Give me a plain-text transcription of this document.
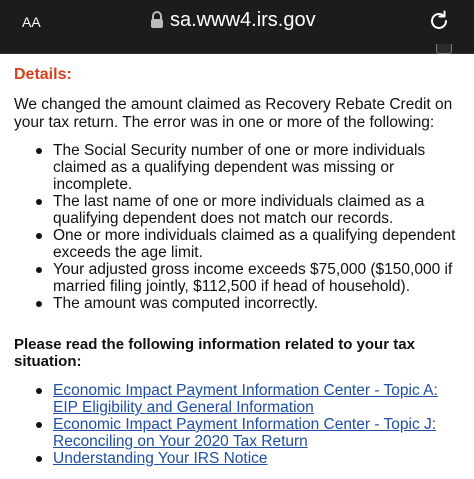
AA	sa.www4.irs.gov
Details:
We changed the amount claimed as Recovery Rebate Credit on your tax return. The error was in one or more of the following:
The Social Security number of one or more individuals claimed as a qualifying dependent was missing or incomplete.
The last name of one or more individuals claimed as a qualifying dependent does not match our records.
One or more individuals claimed as a qualifying dependent exceeds the age limit.
Your adjusted gross income exceeds $75,000 ($150,000 if married filing jointly, $112,500 if head of household).
The amount was computed incorrectly.
Please read the following information related to your tax situation:
Economic Impact Payment Information Center - Topic A: EIP Eligibility and General Information
Economic Impact Payment Information Center - Topic J: Reconciling on Your 2020 Tax Return
Understanding Your IRS Notice
